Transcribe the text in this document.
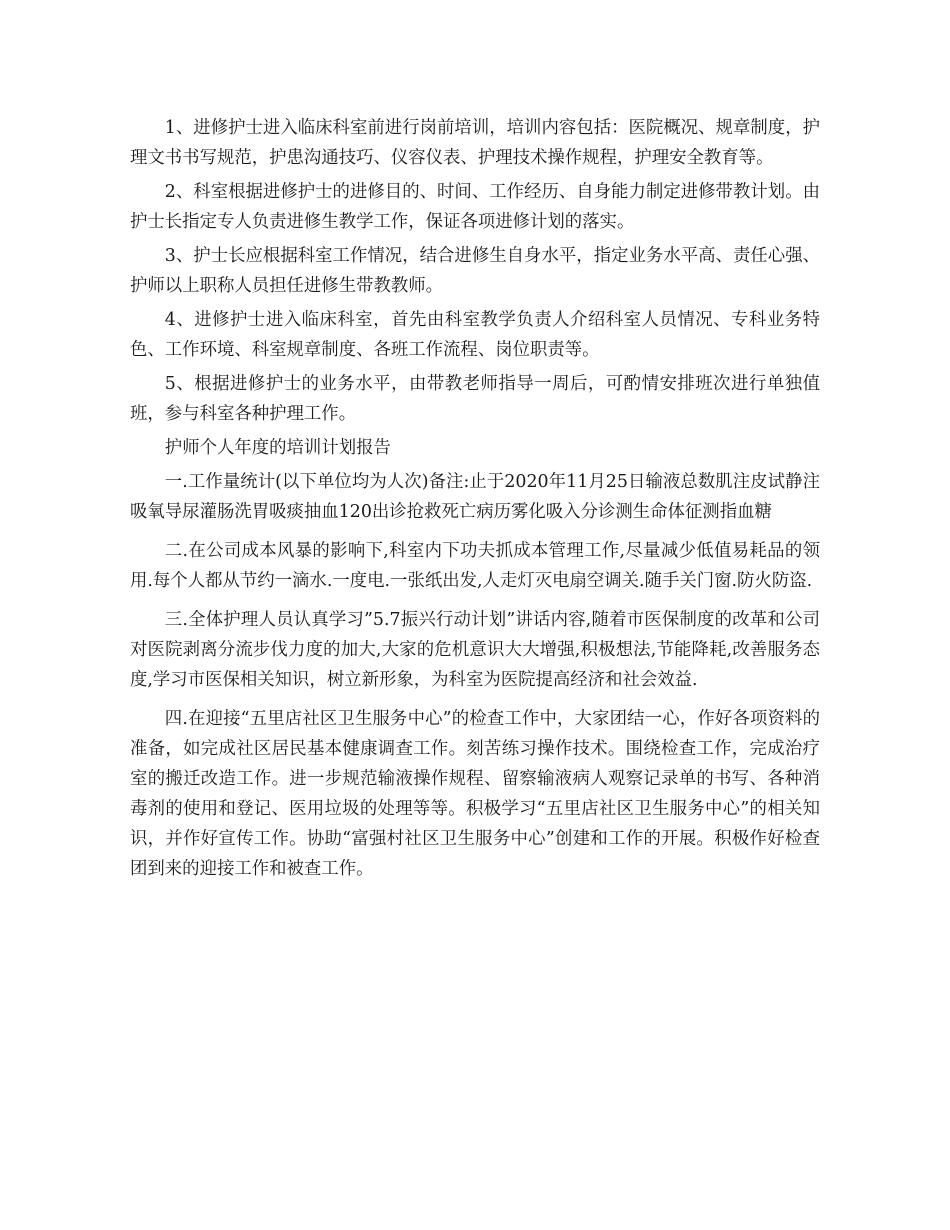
1、进修护士进入临床科室前进行岗前培训，培训内容包括：医院概况、规章制度，护理文书书写规范，护患沟通技巧、仪容仪表、护理技术操作规程，护理安全教育等。

2、科室根据进修护士的进修目的、时间、工作经历、自身能力制定进修带教计划。由护士长指定专人负责进修生教学工作，保证各项进修计划的落实。

3、护士长应根据科室工作情况，结合进修生自身水平，指定业务水平高、责任心强、护师以上职称人员担任进修生带教教师。

4、进修护士进入临床科室，首先由科室教学负责人介绍科室人员情况、专科业务特色、工作环境、科室规章制度、各班工作流程、岗位职责等。

5、根据进修护士的业务水平，由带教老师指导一周后，可酌情安排班次进行单独值班，参与科室各种护理工作。

护师个人年度的培训计划报告

一.工作量统计(以下单位均为人次)备注:止于2020年11月25日输液总数肌注皮试静注吸氧导尿灌肠洗胃吸痰抽血120出诊抢救死亡病历雾化吸入分诊测生命体征测指血糖

二.在公司成本风暴的影响下,科室内下功夫抓成本管理工作,尽量减少低值易耗品的领用.每个人都从节约一滴水.一度电.一张纸出发,人走灯灭电扇空调关.随手关门窗.防火防盗.

三.全体护理人员认真学习”5.7振兴行动计划”讲话内容,随着市医保制度的改革和公司对医院剥离分流步伐力度的加大,大家的危机意识大大增强,积极想法,节能降耗,改善服务态度,学习市医保相关知识，树立新形象，为科室为医院提高经济和社会效益.

四.在迎接“五里店社区卫生服务中心”的检查工作中，大家团结一心，作好各项资料的准备，如完成社区居民基本健康调查工作。刻苦练习操作技术。围绕检查工作，完成治疗室的搬迁改造工作。进一步规范输液操作规程、留察输液病人观察记录单的书写、各种消毒剂的使用和登记、医用垃圾的处理等等。积极学习“五里店社区卫生服务中心”的相关知识，并作好宣传工作。协助“富强村社区卫生服务中心”创建和工作的开展。积极作好检查团到来的迎接工作和被查工作。
